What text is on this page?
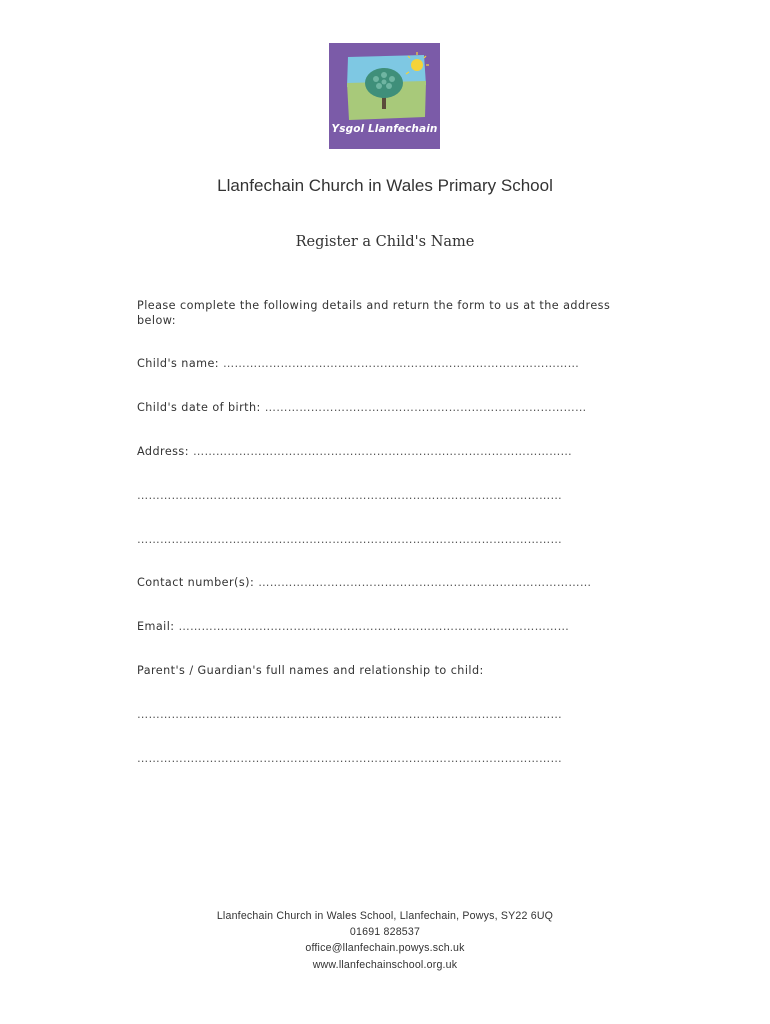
Ysgol Llanfechain
Llanfechain Church in Wales Primary School
Register a Child's Name
Please complete the following details and return the form to us at the address below:
Child's name: …………………………………………………………………………………
Child's date of birth: …………………………………………………………………………
Address: ………………………………………………………………………………………
…………………………………………………………………………………………………
…………………………………………………………………………………………………
Contact number(s): ……………………………………………………………………………
Email: …………………………………………………………………………………………
Parent's / Guardian's full names and relationship to child:
…………………………………………………………………………………………………
…………………………………………………………………………………………………
Llanfechain Church in Wales School, Llanfechain, Powys, SY22 6UQ
01691 828537
office@llanfechain.powys.sch.uk
www.llanfechainschool.org.uk
